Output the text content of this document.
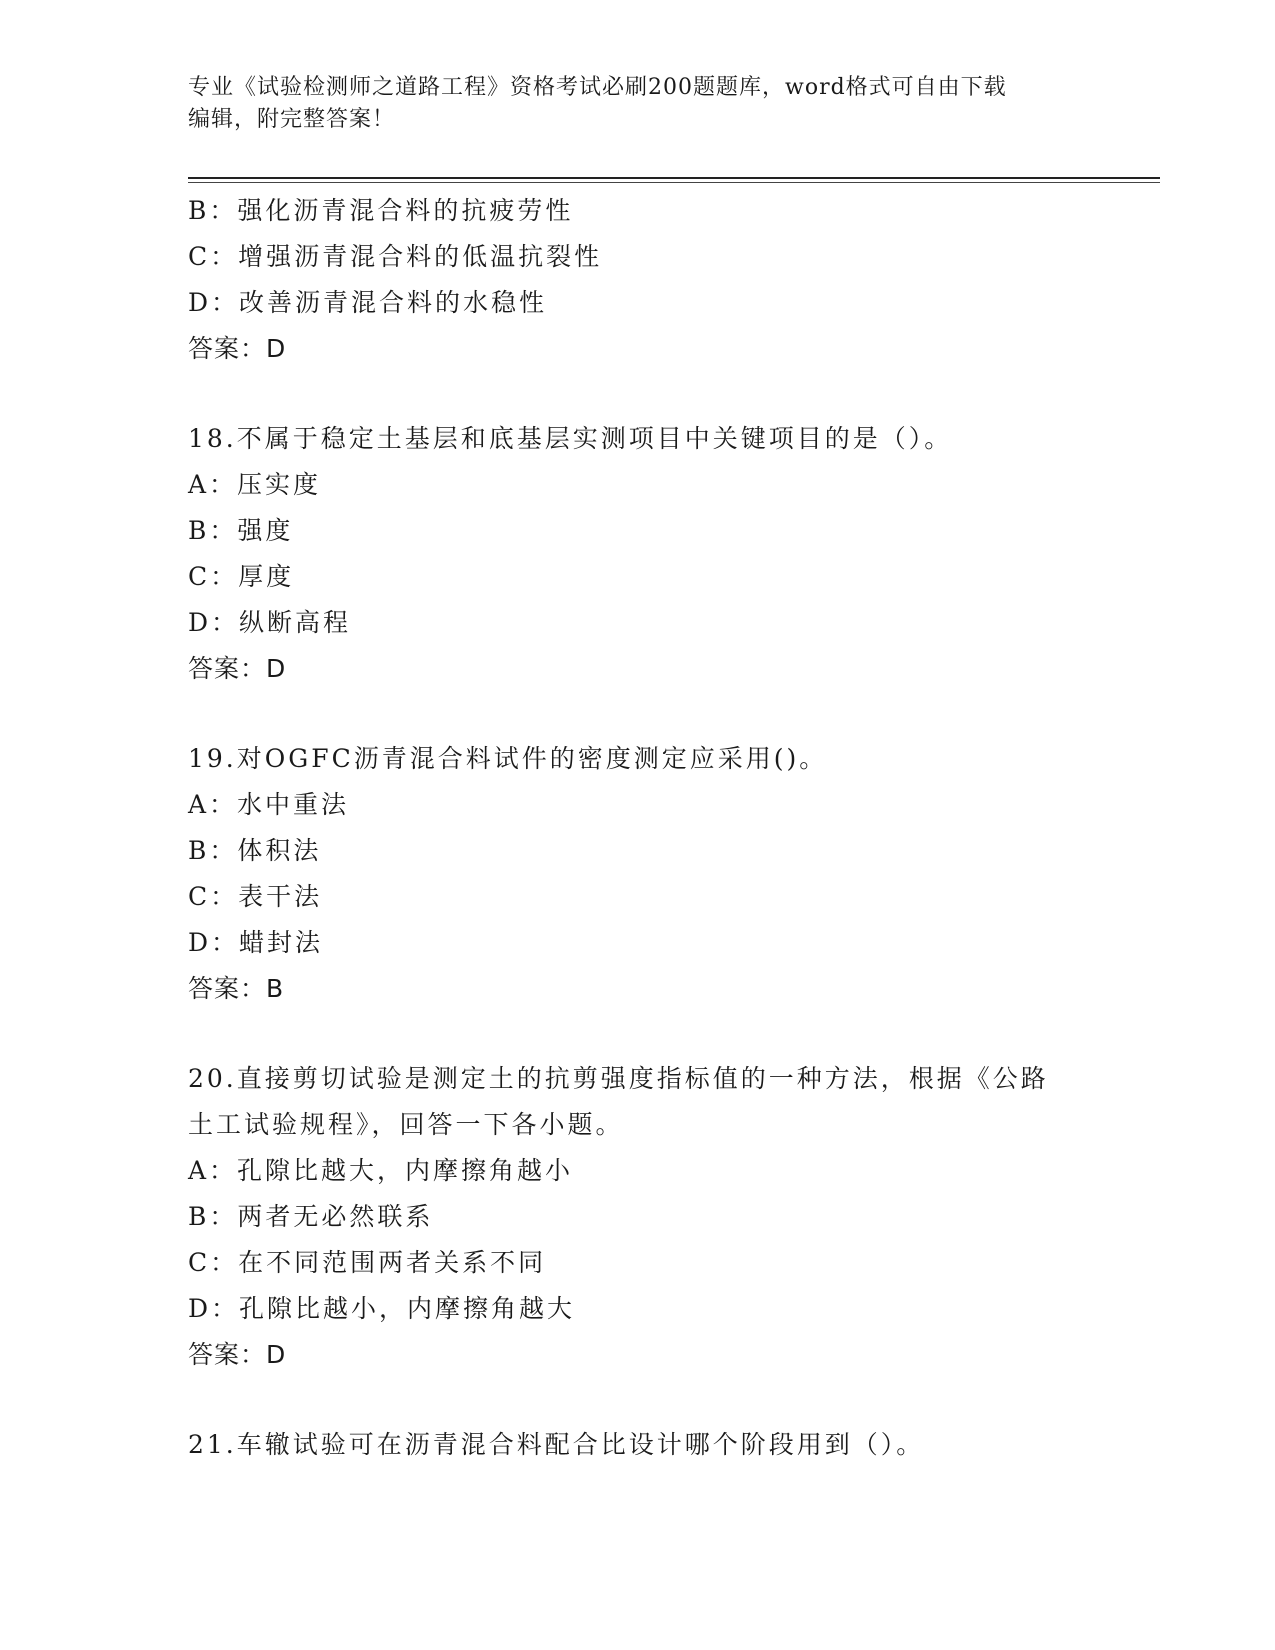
专业《试验检测师之道路工程》资格考试必刷200题题库，word格式可自由下载
编辑，附完整答案！
B：强化沥青混合料的抗疲劳性
C：增强沥青混合料的低温抗裂性
D：改善沥青混合料的水稳性
答案：D
18.不属于稳定土基层和底基层实测项目中关键项目的是（）。
A：压实度
B：强度
C：厚度
D：纵断高程
答案：D
19.对OGFC沥青混合料试件的密度测定应采用()。
A：水中重法
B：体积法
C：表干法
D：蜡封法
答案：B
20.直接剪切试验是测定土的抗剪强度指标值的一种方法，根据《公路
土工试验规程》，回答一下各小题。
A：孔隙比越大，内摩擦角越小
B：两者无必然联系
C：在不同范围两者关系不同
D：孔隙比越小，内摩擦角越大
答案：D
21.车辙试验可在沥青混合料配合比设计哪个阶段用到（）。
